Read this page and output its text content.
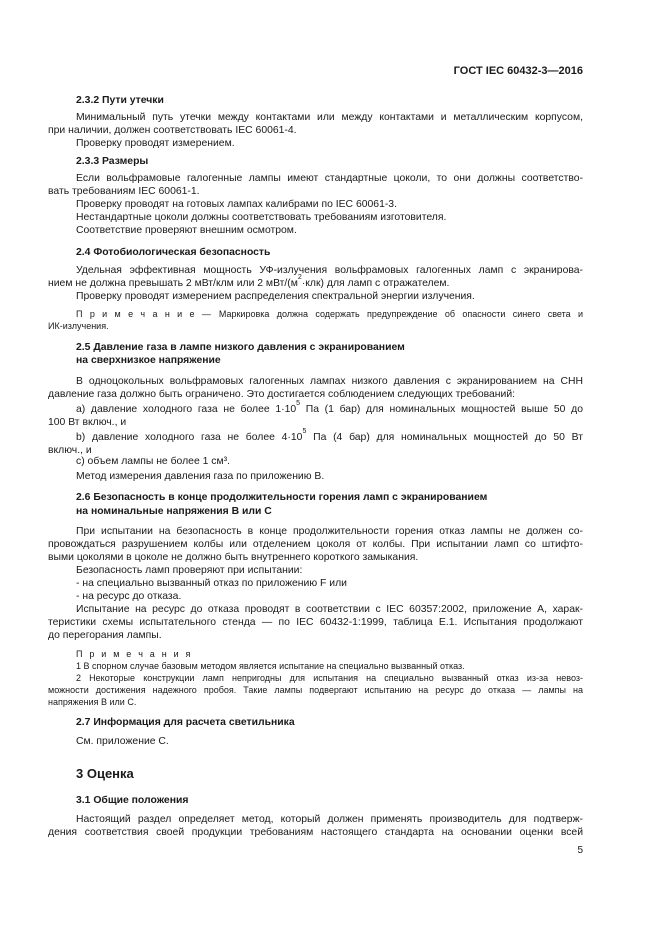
ГОСТ IEC 60432-3—2016
2.3.2 Пути утечки
Минимальный путь утечки между контактами или между контактами и металлическим корпусом,
при наличии, должен соответствовать IEC 60061-4.
Проверку проводят измерением.
2.3.3 Размеры
Если вольфрамовые галогенные лампы имеют стандартные цоколи, то они должны соответство-
вать требованиям IEC 60061-1.
Проверку проводят на готовых лампах калибрами по IEC 60061-3.
Нестандартные цоколи должны соответствовать требованиям изготовителя.
Соответствие проверяют внешним осмотром.
2.4 Фотобиологическая безопасность
Удельная эффективная мощность УФ-излучения вольфрамовых галогенных ламп с экранирова-
нием не должна превышать 2 мВт/клм или 2 мВт/$(м^2\cdot клк)$ для ламп с отражателем.
Проверку проводят измерением распределения спектральной энергии излучения.
П р и м е ч а н и е — Маркировка должна содержать предупреждение об опасности синего света и
ИК-излучения.
2.5 Давление газа в лампе низкого давления с экранированием
на сверхнизкое напряжение
В одноцокольных вольфрамовых галогенных лампах низкого давления с экранированием на СНН
давление газа должно быть ограничено. Это достигается соблюдением следующих требований:
a) давление холодного газа не более $1\cdot 10^5$ Па (1 бар) для номинальных мощностей выше 50 до
100 Вт включ., и
b) давление холодного газа не более $4\cdot 10^5$ Па (4 бар) для номинальных мощностей до 50 Вт
включ., и
c) объем лампы не более 1 см³.
Метод измерения давления газа по приложению В.
2.6 Безопасность в конце продолжительности горения ламп с экранированием
на номинальные напряжения В или С
При испытании на безопасность в конце продолжительности горения отказ лампы не должен со-
провождаться разрушением колбы или отделением цоколя от колбы. При испытании ламп со штифто-
выми цоколями в цоколе не должно быть внутреннего короткого замыкания.
Безопасность ламп проверяют при испытании:
- на специально вызванный отказ по приложению F или
- на ресурс до отказа.
Испытание на ресурс до отказа проводят в соответствии с IEC 60357:2002, приложение А, харак-
теристики схемы испытательного стенда — по IEC 60432-1:1999, таблица Е.1. Испытания продолжают
до перегорания лампы.
П р и м е ч а н и я
1 В спорном случае базовым методом является испытание на специально вызванный отказ.
2 Некоторые конструкции ламп непригодны для испытания на специально вызванный отказ из-за невоз-
можности достижения надежного пробоя. Такие лампы подвергают испытанию на ресурс до отказа — лампы на
напряжения В или С.
2.7 Информация для расчета светильника
См. приложение С.
3 Оценка
3.1 Общие положения
Настоящий раздел определяет метод, который должен применять производитель для подтверж-
дения соответствия своей продукции требованиям настоящего стандарта на основании оценки всей
5
